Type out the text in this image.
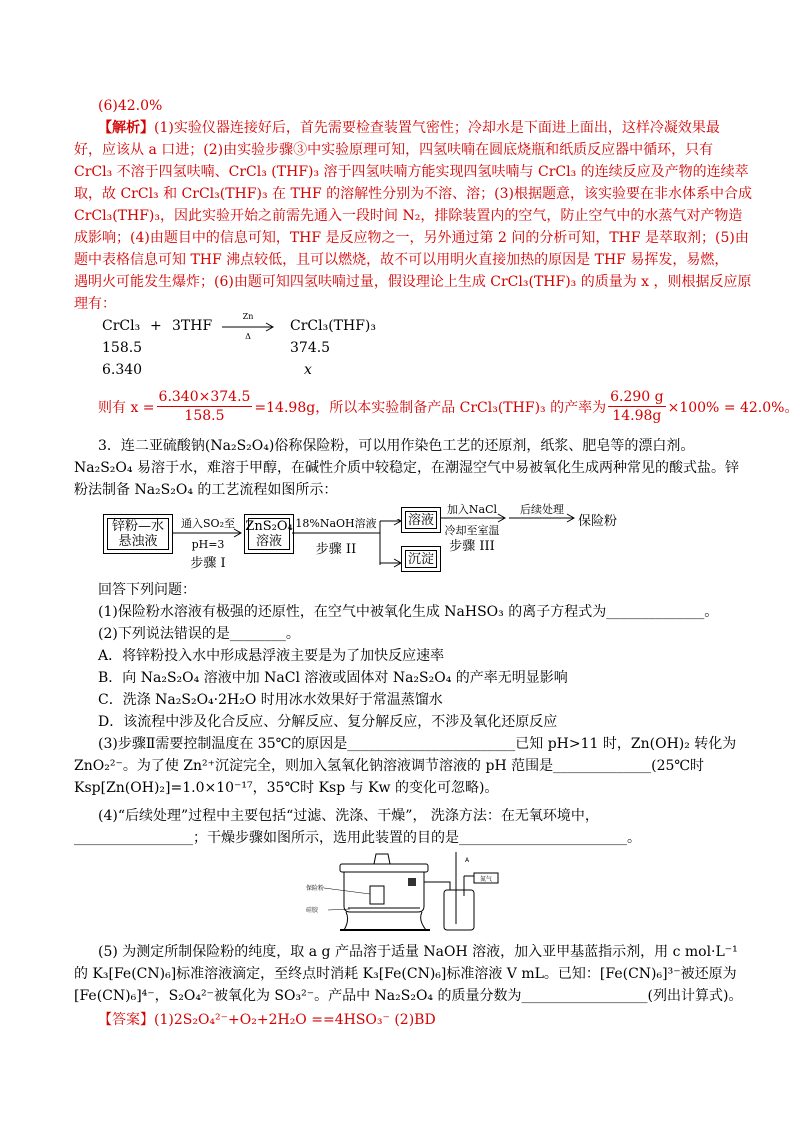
(6)42.0%
【解析】(1)实验仪器连接好后，首先需要检查装置气密性；冷却水是下面进上面出，这样冷凝效果最
好，应该从 a 口进；(2)由实验步骤③中实验原理可知，四氢呋喃在圆底烧瓶和纸质反应器中循环，只有
CrCl₃ 不溶于四氢呋喃、CrCl₃ (THF)₃ 溶于四氢呋喃方能实现四氢呋喃与 CrCl₃ 的连续反应及产物的连续萃
取，故 CrCl₃ 和 CrCl₃(THF)₃ 在 THF 的溶解性分别为不溶、溶；(3)根据题意，该实验要在非水体系中合成
CrCl₃(THF)₃，因此实验开始之前需先通入一段时间 N₂，排除装置内的空气，防止空气中的水蒸气对产物造
成影响；(4)由题目中的信息可知，THF 是反应物之一，另外通过第 2 问的分析可知，THF 是萃取剂；(5)由
题中表格信息可知 THF 沸点较低，且可以燃烧，故不可以用明火直接加热的原因是 THF 易挥发，易燃，
遇明火可能发生爆炸；(6)由题可知四氢呋喃过量，假设理论上生成 CrCl₃(THF)₃ 的质量为 x ，则根据反应原
理有：
CrCl₃ + 3THF
Zn
Δ
CrCl₃(THF)₃
158.5	374.5
6.340	x
则有 $x = \frac{6.340\times 374.5}{158.5} =14.98g$，所以本实验制备产品 CrCl₃(THF)₃ 的产率为 $\frac{6.290 g}{14.98g} \times 100\% = 42.0\%$。
3．连二亚硫酸钠(Na₂S₂O₄)俗称保险粉，可以用作染色工艺的还原剂，纸浆、肥皂等的漂白剂。
Na₂S₂O₄ 易溶于水，难溶于甲醇，在碱性介质中较稳定，在潮湿空气中易被氧化生成两种常见的酸式盐。锌
粉法制备 Na₂S₂O₄ 的工艺流程如图所示：
锌粉—水
悬浊液
通入SO₂至
pH=3
步骤 I
ZnS₂O₄
溶液
18%NaOH溶液
步骤 II
溶液
沉淀
加入NaCl
冷却至室温
步骤 III
后续处理
保险粉
回答下列问题：
(1)保险粉水溶液有极强的还原性，在空气中被氧化生成 NaHSO₃ 的离子方程式为______________。
(2)下列说法错误的是________。
A．将锌粉投入水中形成悬浮液主要是为了加快反应速率
B．向 Na₂S₂O₄ 溶液中加 NaCl 溶液或固体对 Na₂S₂O₄ 的产率无明显影响
C．洗涤 Na₂S₂O₄·2H₂O 时用冰水效果好于常温蒸馏水
D．该流程中涉及化合反应、分解反应、复分解反应，不涉及氧化还原反应
(3)步骤Ⅱ需要控制温度在 35℃的原因是________________________已知 pH>11 时，Zn(OH)₂ 转化为
ZnO₂²⁻。为了使 Zn²⁺沉淀完全，则加入氢氧化钠溶液调节溶液的 pH 范围是______________(25℃时
Ksp[Zn(OH)₂]=1.0×10⁻¹⁷，35℃时 Ksp 与 Kw 的变化可忽略)。
(4)“后续处理”过程中主要包括“过滤、洗涤、干燥”， 洗涤方法：在无氧环境中，
_________________；干燥步骤如图所示，选用此装置的目的是________________________。
氮气
A
保险粉
硅胶
(5) 为测定所制保险粉的纯度，取 a g 产品溶于适量 NaOH 溶液，加入亚甲基蓝指示剂，用 c mol·L⁻¹
的 K₃[Fe(CN)₆]标准溶液滴定，至终点时消耗 K₃[Fe(CN)₆]标准溶液 V mL。已知：[Fe(CN)₆]³⁻被还原为
[Fe(CN)₆]⁴⁻，S₂O₄²⁻被氧化为 SO₃²⁻。产品中 Na₂S₂O₄ 的质量分数为__________________(列出计算式)。
【答案】(1)2S₂O₄²⁻+O₂+2H₂O ==4HSO₃⁻ (2)BD
